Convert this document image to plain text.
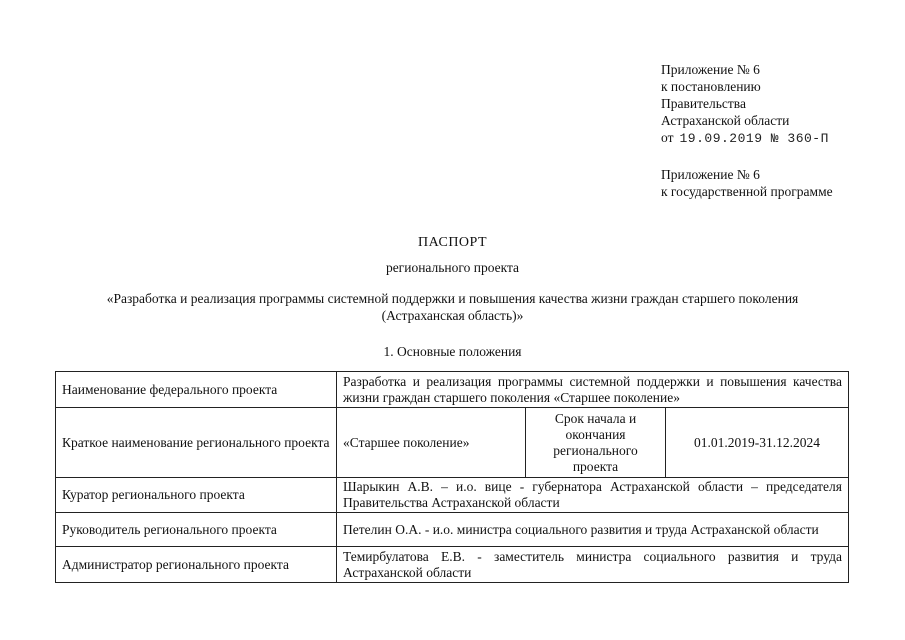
Приложение № 6
к постановлению
Правительства
Астраханской области
от 19.09.2019 № 360-П
Приложение № 6
к государственной программе
ПАСПОРТ
регионального проекта
«Разработка и реализация программы системной поддержки и повышения качества жизни граждан старшего поколения
(Астраханская область)»
1. Основные положения
Наименование федерального проекта	Разработка и реализация программы системной поддержки и повышения качества жизни граждан старшего поколения «Старшее поколение»		
Краткое наименование регионального проекта	«Старшее поколение»	Срок начала и окончания регионального проекта	01.01.2019-31.12.2024
Куратор регионального проекта	Шарыкин А.В. – и.о. вице - губернатора Астраханской области – председателя Правительства Астраханской области		
Руководитель регионального проекта	Петелин О.А. - и.о. министра социального развития и труда Астраханской области		
Администратор регионального проекта	Темирбулатова Е.В. - заместитель министра социального развития и труда Астраханской области		
